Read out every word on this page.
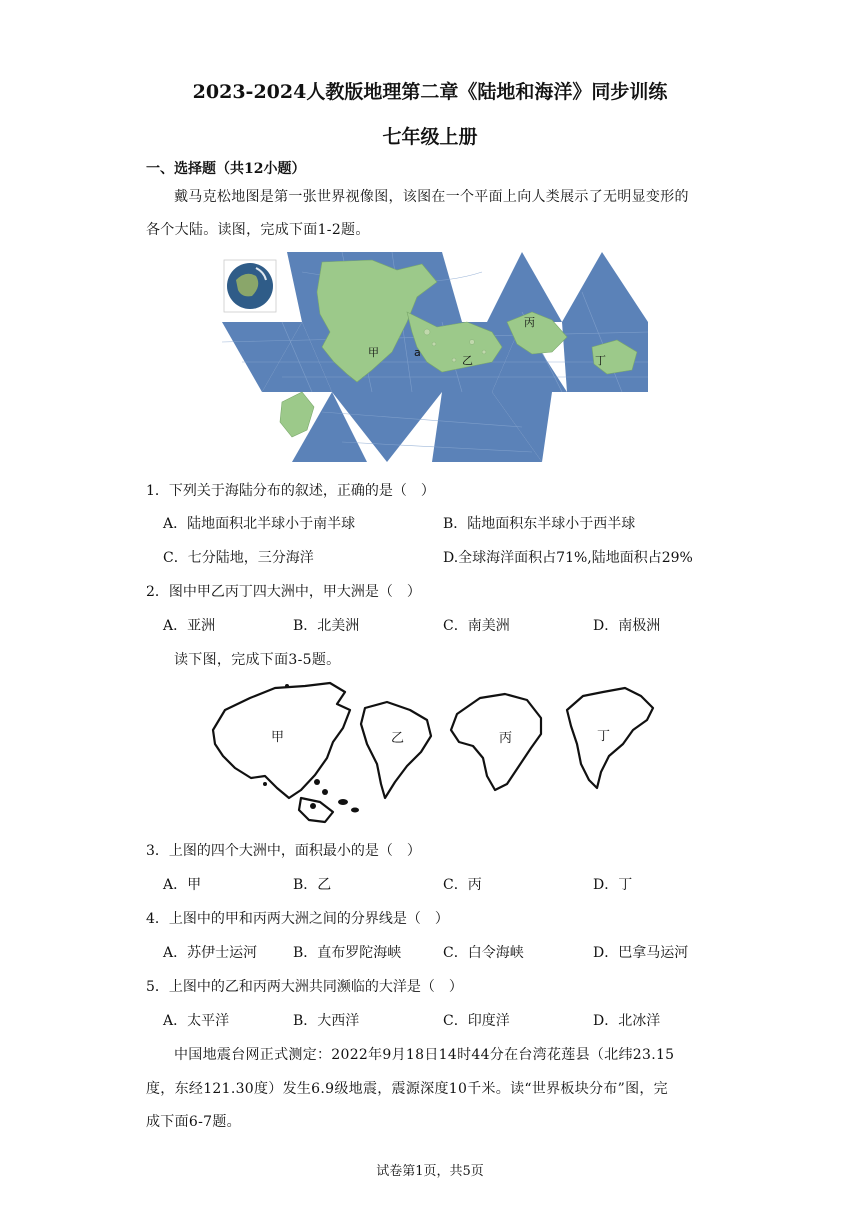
2023-2024人教版地理第二章《陆地和海洋》同步训练
七年级上册
一、选择题（共12小题）
戴马克松地图是第一张世界视像图，该图在一个平面上向人类展示了无明显变形的
各个大陆。读图，完成下面1-2题。
甲	a
乙
丙
丁
1．下列关于海陆分布的叙述，正确的是（　）
A．陆地面积北半球小于南半球	B．陆地面积东半球小于西半球
C．七分陆地，三分海洋	D.全球海洋面积占71%,陆地面积占29%
2．图中甲乙丙丁四大洲中，甲大洲是（　）
A．亚洲	B．北美洲	C．南美洲	D．南极洲
读下图，完成下面3-5题。
甲	乙	丙	丁
3．上图的四个大洲中，面积最小的是（　）
A．甲	B．乙	C．丙	D．丁
4．上图中的甲和丙两大洲之间的分界线是（　）
A．苏伊士运河	B．直布罗陀海峡	C．白令海峡	D．巴拿马运河
5．上图中的乙和丙两大洲共同濒临的大洋是（　）
A．太平洋	B．大西洋	C．印度洋	D．北冰洋
中国地震台网正式测定：2022年9月18日14时44分在台湾花莲县（北纬23.15
度，东经121.30度）发生6.9级地震，震源深度10千米。读“世界板块分布”图，完
成下面6-7题。
试卷第1页，共5页
